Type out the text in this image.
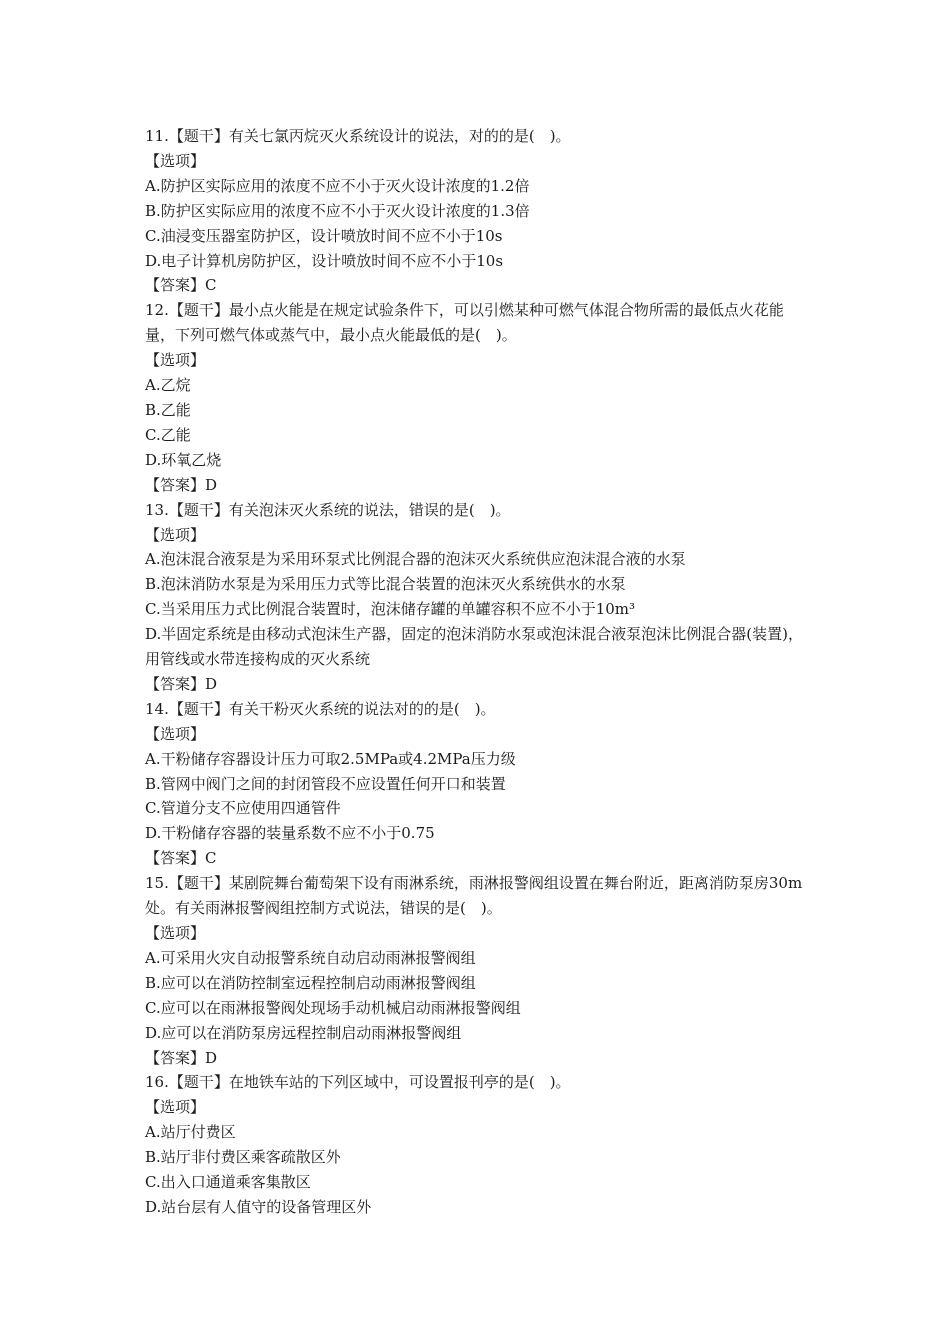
11.【题干】有关七氯丙烷灭火系统设计的说法，对的的是(　)。

【选项】

A.防护区实际应用的浓度不应不小于灭火设计浓度的1.2倍

B.防护区实际应用的浓度不应不小于灭火设计浓度的1.3倍

C.油浸变压器室防护区，设计喷放时间不应不小于10s

D.电子计算机房防护区，设计喷放时间不应不小于10s

【答案】C

12.【题干】最小点火能是在规定试验条件下，可以引燃某种可燃气体混合物所需的最低点火花能量，下列可燃气体或蒸气中，最小点火能最低的是(　)。

【选项】

A.乙烷

B.乙能

C.乙能

D.环氧乙烧

【答案】D

13.【题干】有关泡沫灭火系统的说法，错误的是(　)。

【选项】

A.泡沫混合液泵是为采用环泵式比例混合器的泡沫灭火系统供应泡沫混合液的水泵

B.泡沫消防水泵是为采用压力式等比混合装置的泡沫灭火系统供水的水泵

C.当采用压力式比例混合装置时，泡沫储存罐的单罐容积不应不小于10m³

D.半固定系统是由移动式泡沫生产器，固定的泡沫消防水泵或泡沫混合液泵泡沫比例混合器(装置)，用管线或水带连接构成的灭火系统

【答案】D

14.【题干】有关干粉灭火系统的说法对的的是(　)。

【选项】

A.干粉储存容器设计压力可取2.5MPa或4.2MPa压力级

B.管网中阀门之间的封闭管段不应设置任何开口和装置

C.管道分支不应使用四通管件

D.干粉储存容器的装量系数不应不小于0.75

【答案】C

15.【题干】某剧院舞台葡萄架下设有雨淋系统，雨淋报警阀组设置在舞台附近，距离消防泵房30m处。有关雨淋报警阀组控制方式说法，错误的是(　)。

【选项】

A.可采用火灾自动报警系统自动启动雨淋报警阀组

B.应可以在消防控制室远程控制启动雨淋报警阀组

C.应可以在雨淋报警阀处现场手动机械启动雨淋报警阀组

D.应可以在消防泵房远程控制启动雨淋报警阀组

【答案】D

16.【题干】在地铁车站的下列区域中，可设置报刊亭的是(　)。

【选项】

A.站厅付费区

B.站厅非付费区乘客疏散区外

C.出入口通道乘客集散区

D.站台层有人值守的设备管理区外
